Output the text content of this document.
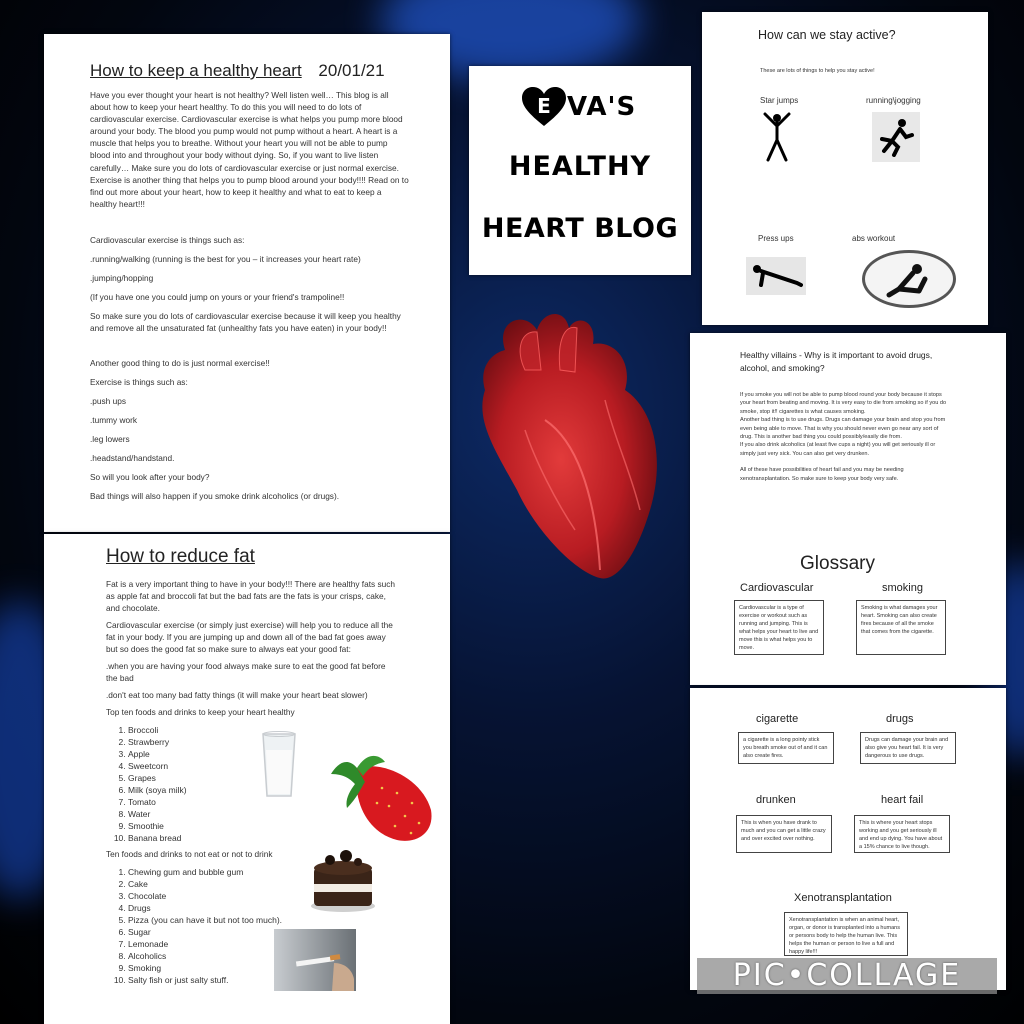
How to keep a healthy heart 20/01/21

Have you ever thought your heart is not healthy? Well listen well… This blog is all about how to keep your heart healthy. To do this you will need to do lots of cardiovascular exercise. Cardiovascular exercise is what helps you pump more blood around your body. The blood you pump would not pump without a heart. A heart is a muscle that helps you to breathe. Without your heart you will not be able to pump blood into and throughout your body without dying. So, if you want to live listen carefully… Make sure you do lots of cardiovascular exercise or just normal exercise. Exercise is another thing that helps you to pump blood around your body!!!! Read on to find out more about your heart, how to keep it healthy and what to eat to keep a healthy heart!!!

Cardiovascular exercise is things such as:

.running/walking (running is the best for you – it increases your heart rate)

.jumping/hopping

(If you have one you could jump on yours or your friend's trampoline!!

So make sure you do lots of cardiovascular exercise because it will keep you healthy and remove all the unsaturated fat (unhealthy fats you have eaten) in your body!!

Another good thing to do is just normal exercise!!

Exercise is things such as:

.push ups

.tummy work

.leg lowers

.headstand/handstand.

So will you look after your body?

Bad things will also happen if you smoke drink alcoholics (or drugs).

How to reduce fat

Fat is a very important thing to have in your body!!! There are healthy fats such as apple fat and broccoli fat but the bad fats are the fats is your crisps, cake, and chocolate.

Cardiovascular exercise (or simply just exercise) will help you to reduce all the fat in your body. If you are jumping up and down all of the bad fat goes away but so does the good fat so make sure to always eat your good fat:

.when you are having your food always make sure to eat the good fat before the bad

.don't eat too many bad fatty things (it will make your heart beat slower)

Top ten foods and drinks to keep your heart healthy

1. Broccoli
2. Strawberry
3. Apple
4. Sweetcorn
5. Grapes
6. Milk (soya milk)
7. Tomato
8. Water
9. Smoothie
10. Banana bread

Ten foods and drinks to not eat or not to drink

1. Chewing gum and bubble gum
2. Cake
3. Chocolate
4. Drugs
5. Pizza (you can have it but not too much).
6. Sugar
7. Lemonade
8. Alcoholics
9. Smoking
10. Salty fish or just salty stuff.
E VA'S
HEALTHY
HEART BLOG
How can we stay active?
These are lots of things to help you stay active!
Star jumps	running\jogging
Press ups	abs workout
Healthy villains - Why is it important to avoid drugs, alcohol, and smoking?

If you smoke you will not be able to pump blood round your body because it stops your heart from beating and moving. It is very easy to die from smoking so if you do smoke, stop it!! cigarettes is what causes smoking.

Another bad thing is to use drugs. Drugs can damage your brain and stop you from even being able to move. That is why you should never even go near any sort of drug. This is another bad thing you could possibly/easily die from.

If you also drink alcoholics (at least five cups a night) you will get seriously ill or simply just very sick. You can also get very drunken.

All of these have possibilities of heart fail and you may be needing xenotransplantation. So make sure to keep your body very safe.

Glossary
Cardiovascular	smoking
Cardiovascular is a type of exercise or workout such as running and jumping. This is what helps your heart to live and move this is what helps you to move.
Smoking is what damages your heart. Smoking can also create fires because of all the smoke that comes from the cigarette.
cigarette	drugs
a cigarette is a long pointy stick you breath smoke out of and it can also create fires.
Drugs can damage your brain and also give you heart fail. It is very dangerous to use drugs.
drunken	heart fail
This is when you have drank to much and you can get a little crazy and over excited over nothing.
This is where your heart stops working and you get seriously ill and end up dying. You have about a 15% chance to live though.
Xenotransplantation
Xenotransplantation is when an animal heart, organ, or donor is transplanted into a humans or persons body to help the human live. This helps the human or person to live a full and happy life!!!
PIC•COLLAGE
